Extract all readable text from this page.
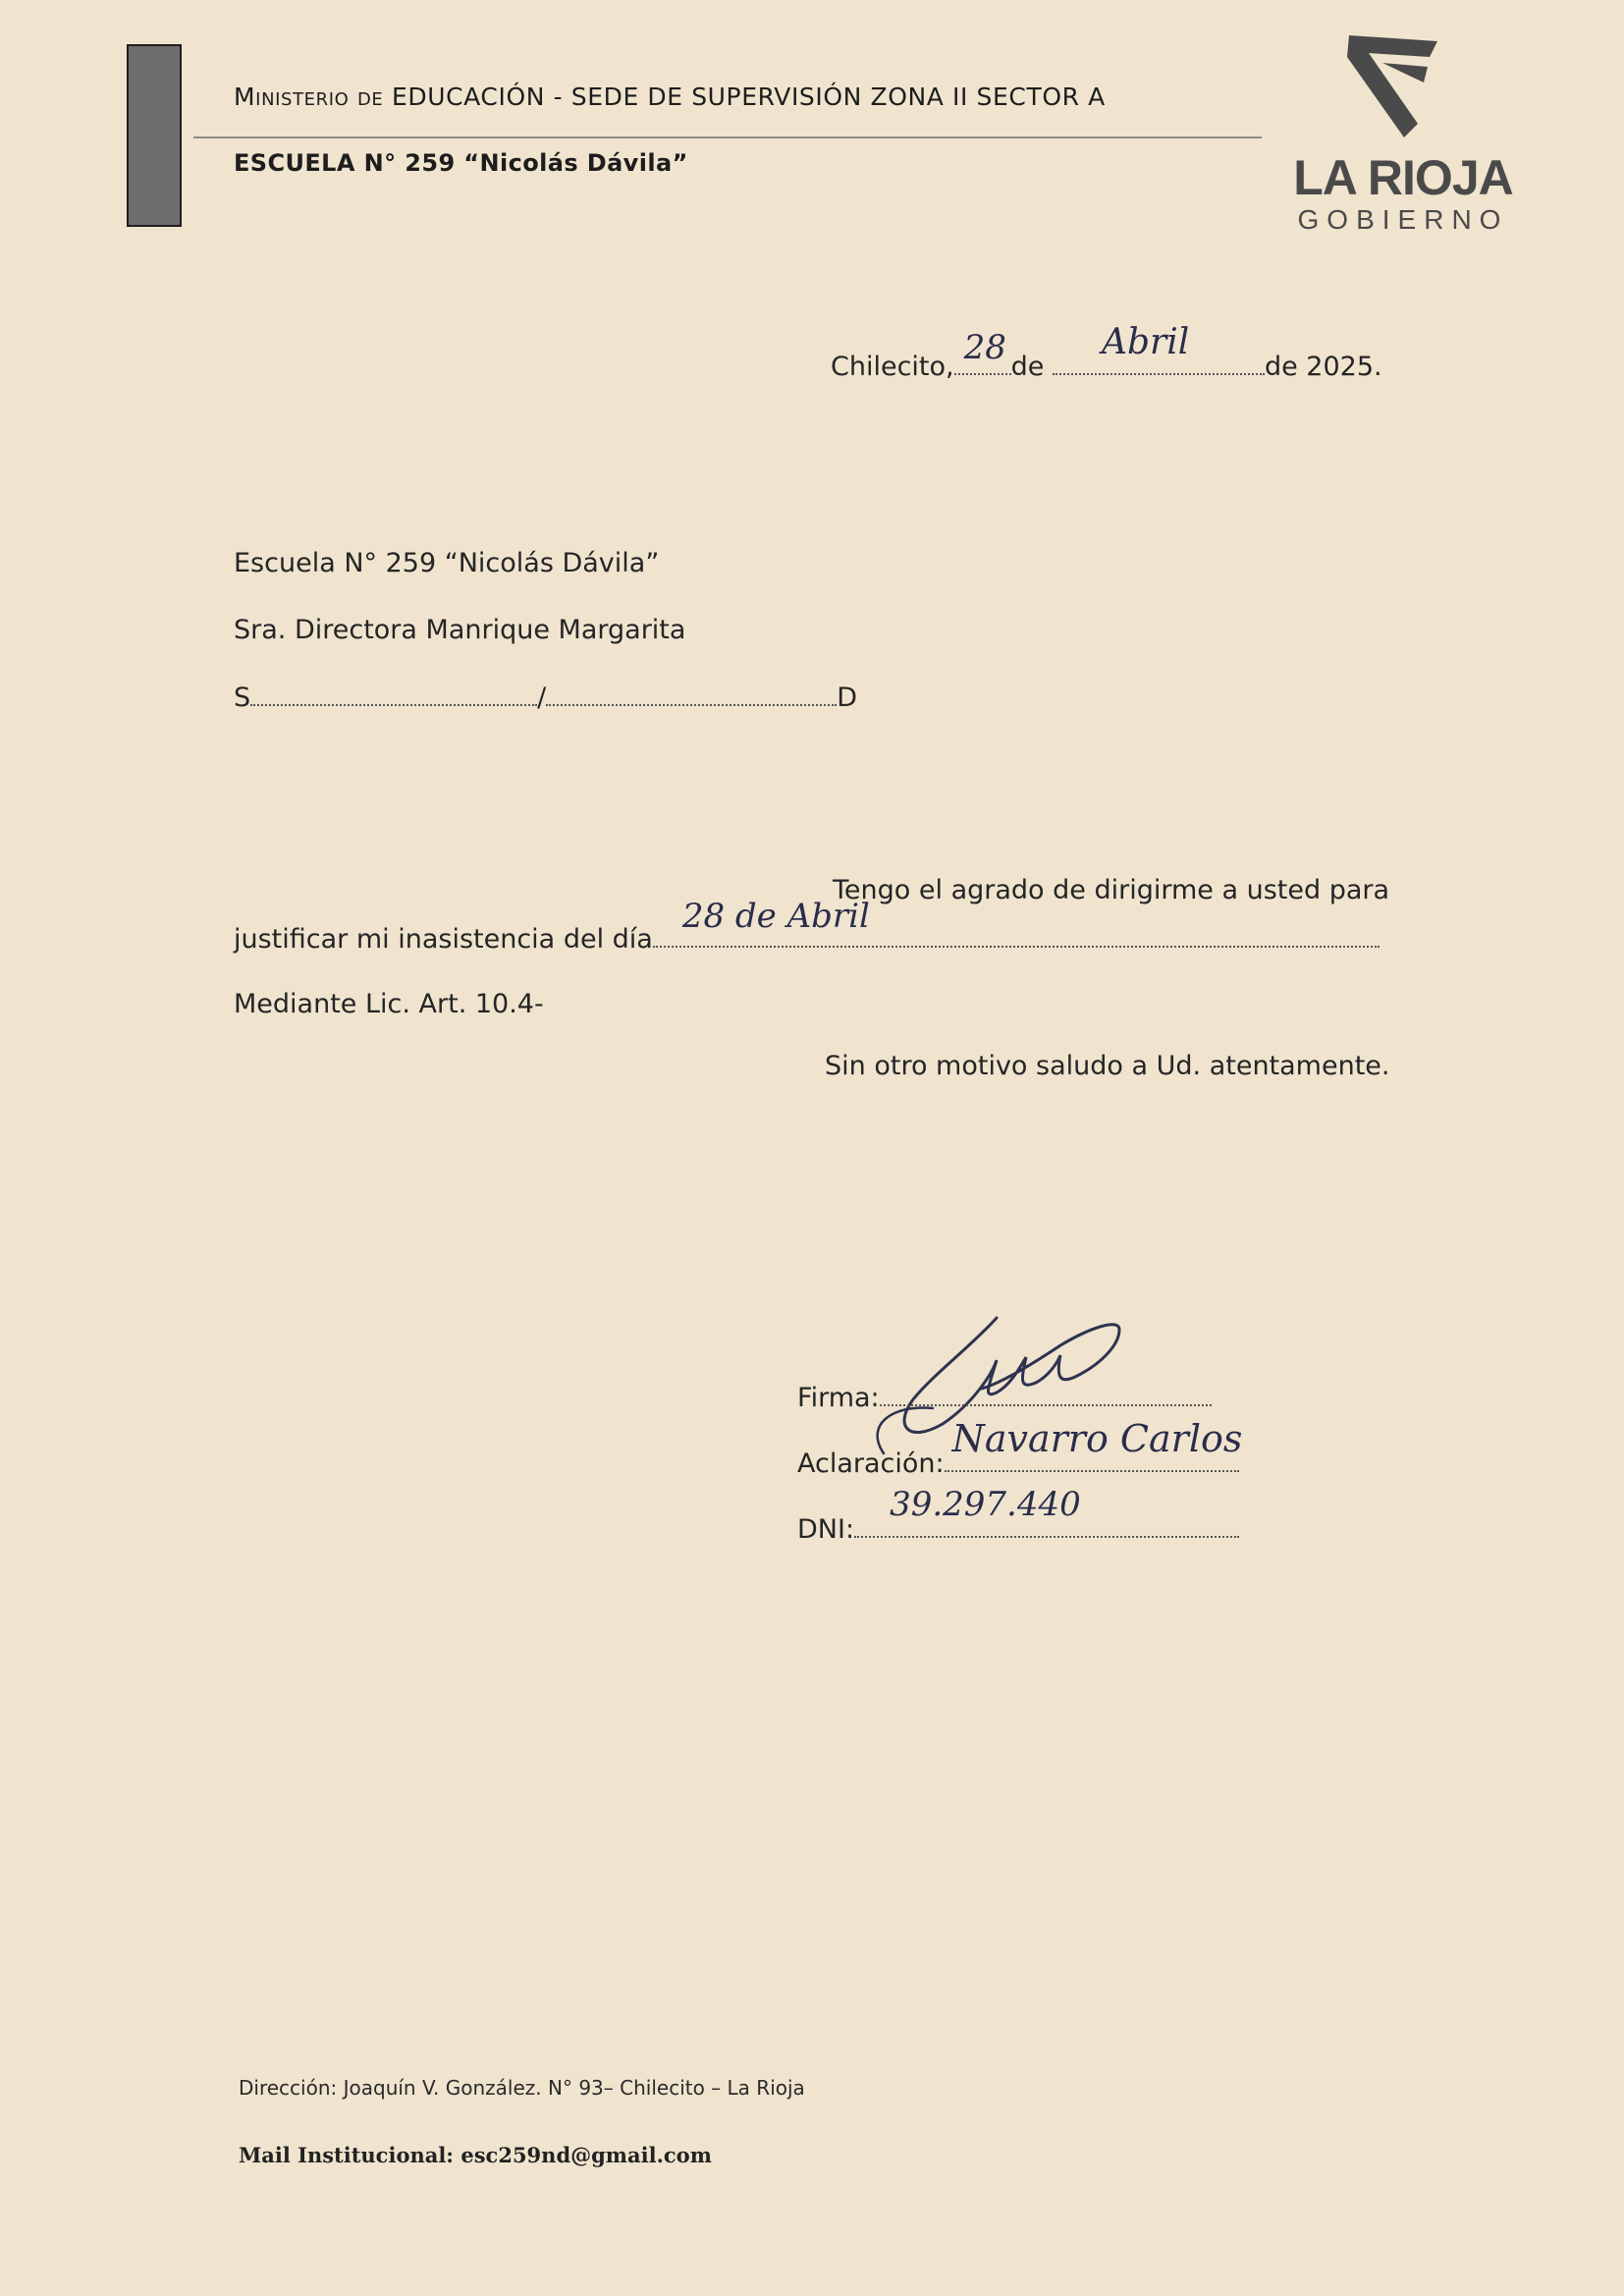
Ministerio de EDUCACIÓN - SEDE DE SUPERVISIÓN ZONA II SECTOR A
ESCUELA N° 259 “Nicolás Dávila”	LA RIOJA
GOBIERNO
Chilecito, 28 de
Abril
de 2025.
Escuela N° 259 “Nicolás Dávila”
Sra. Directora Manrique Margarita
S	/	D
Tengo el agrado de dirigirme a usted para
justificar mi inasistencia del día
28 de Abril
Mediante Lic. Art. 10.4-
Sin otro motivo saludo a Ud. atentamente.
Firma:
Aclaración:
Navarro Carlos
DNI:
39.297.440
Dirección: Joaquín V. González. N° 93– Chilecito – La Rioja
Mail Institucional: esc259nd@gmail.com
